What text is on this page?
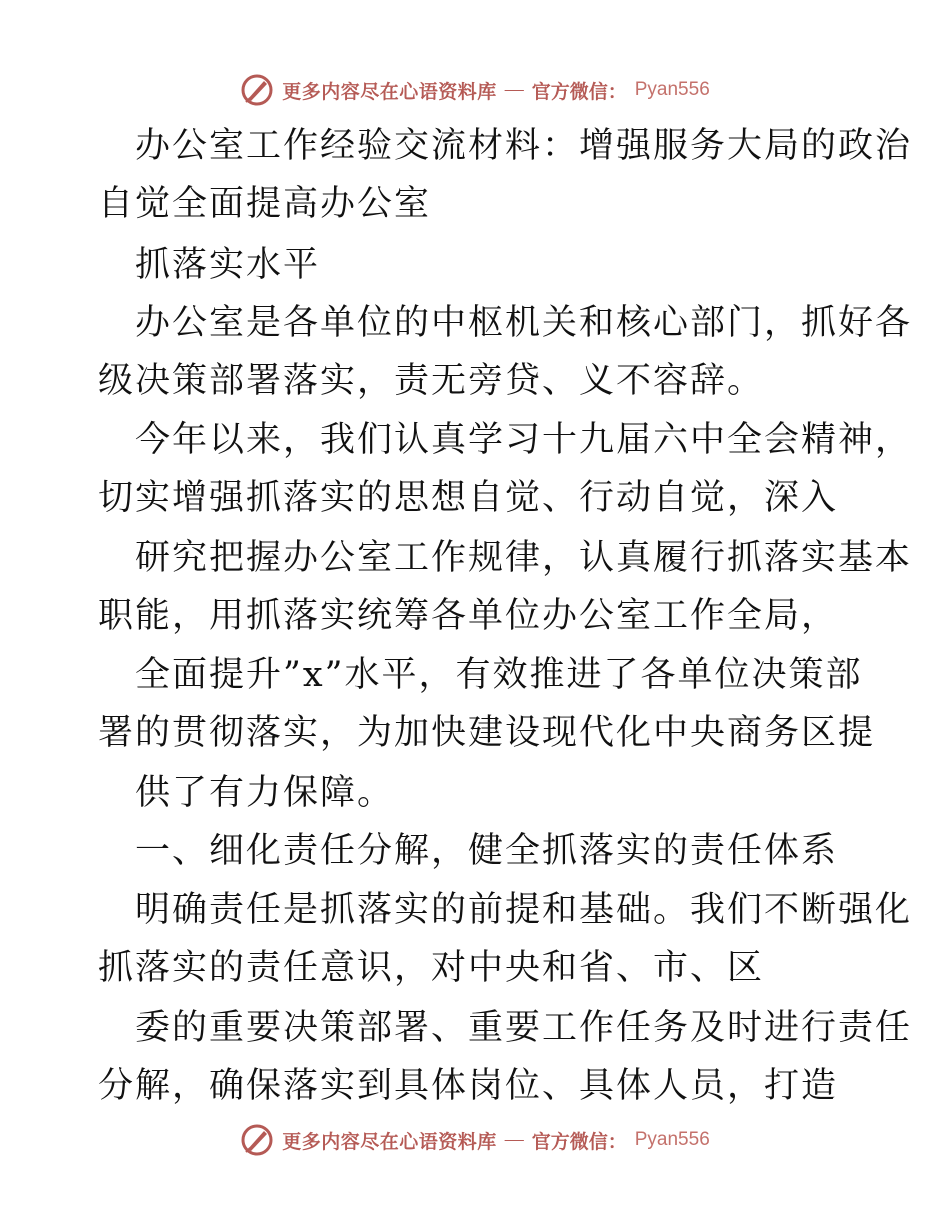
更多内容尽在心语资料库 — 官方微信： Pyan556
办公室工作经验交流材料：增强服务大局的政治
自觉全面提高办公室
抓落实水平
办公室是各单位的中枢机关和核心部门，抓好各
级决策部署落实，责无旁贷、义不容辞。
今年以来，我们认真学习十九届六中全会精神，
切实增强抓落实的思想自觉、行动自觉，深入
研究把握办公室工作规律，认真履行抓落实基本
职能，用抓落实统筹各单位办公室工作全局，
全面提升”x”水平，有效推进了各单位决策部
署的贯彻落实，为加快建设现代化中央商务区提
供了有力保障。
一、细化责任分解，健全抓落实的责任体系
明确责任是抓落实的前提和基础。我们不断强化
抓落实的责任意识，对中央和省、市、区
委的重要决策部署、重要工作任务及时进行责任
分解，确保落实到具体岗位、具体人员，打造
更多内容尽在心语资料库 — 官方微信： Pyan556
